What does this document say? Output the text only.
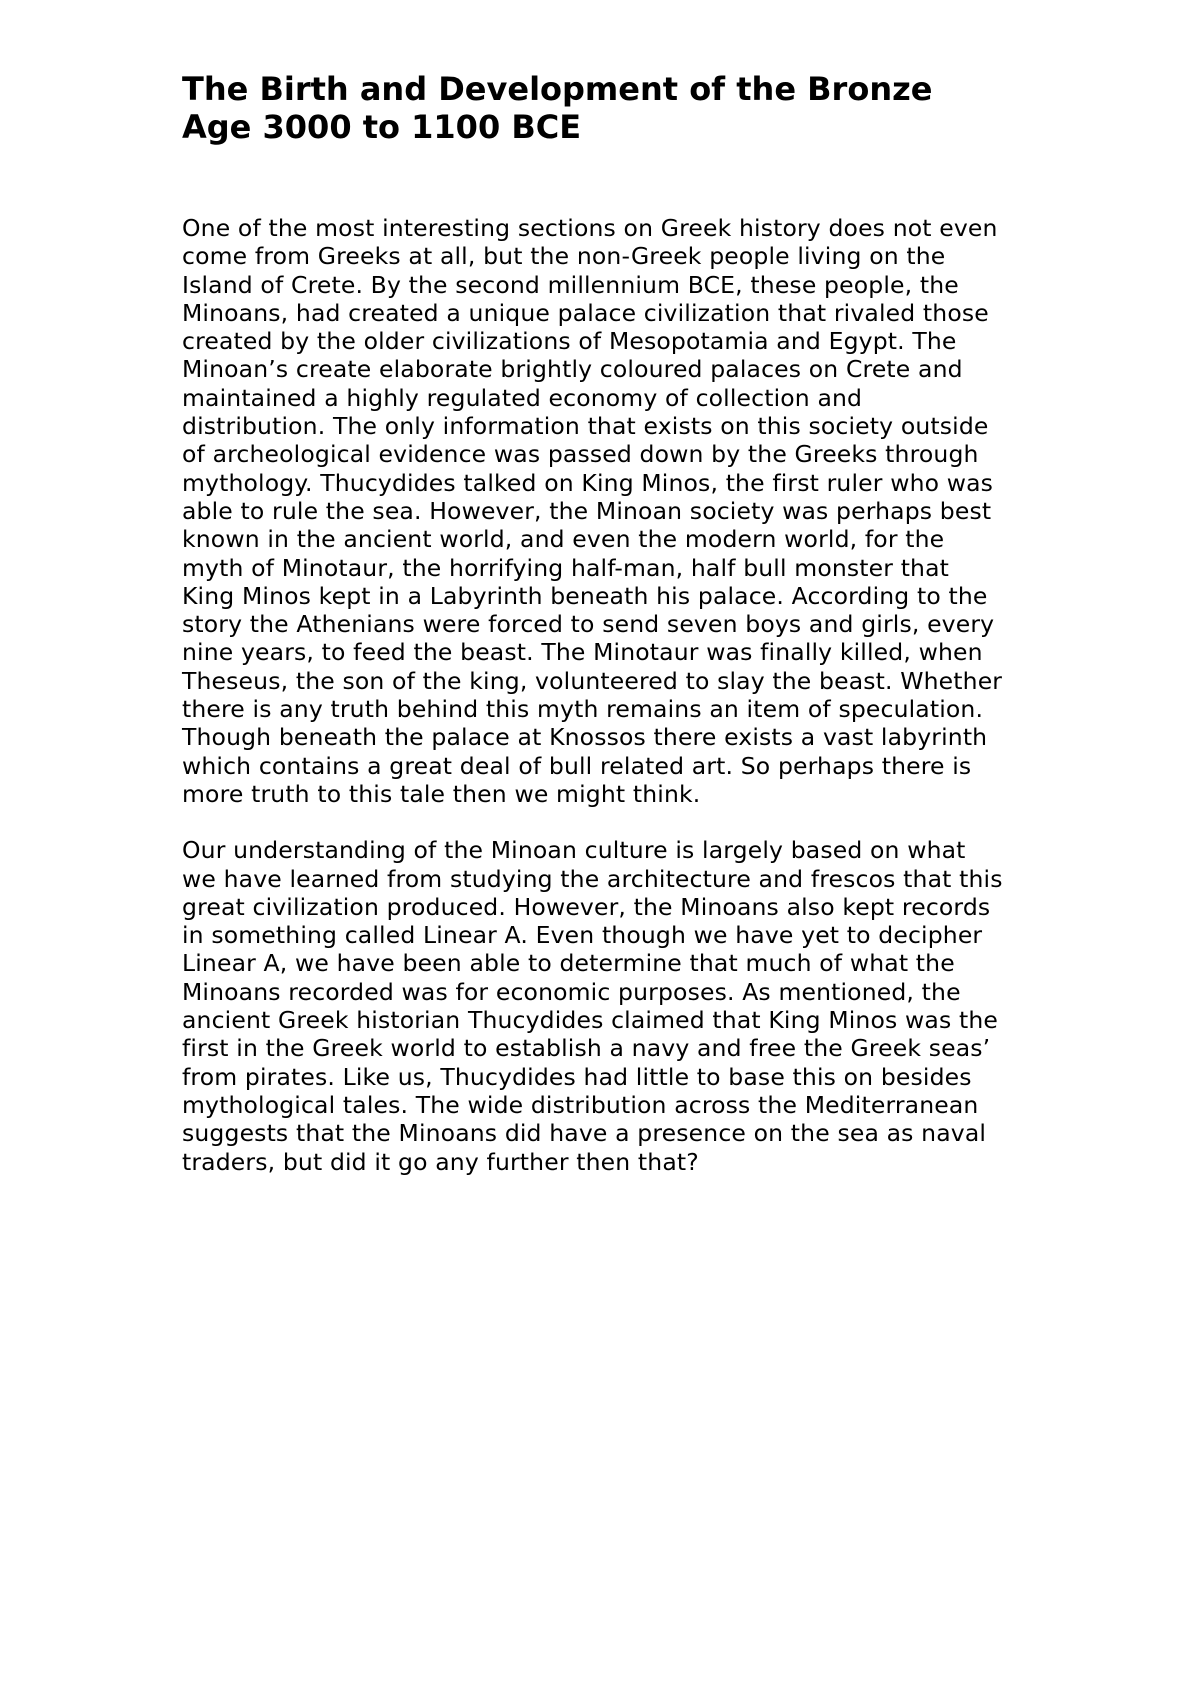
The Birth and Development of the Bronze Age 3000 to 1100 BCE

One of the most interesting sections on Greek history does not even
come from Greeks at all, but the non-Greek people living on the
Island of Crete. By the second millennium BCE, these people, the
Minoans, had created a unique palace civilization that rivaled those
created by the older civilizations of Mesopotamia and Egypt. The
Minoan’s create elaborate brightly coloured palaces on Crete and
maintained a highly regulated economy of collection and
distribution. The only information that exists on this society outside
of archeological evidence was passed down by the Greeks through
mythology. Thucydides talked on King Minos, the first ruler who was
able to rule the sea. However, the Minoan society was perhaps best
known in the ancient world, and even the modern world, for the
myth of Minotaur, the horrifying half-man, half bull monster that
King Minos kept in a Labyrinth beneath his palace. According to the
story the Athenians were forced to send seven boys and girls, every
nine years, to feed the beast. The Minotaur was finally killed, when
Theseus, the son of the king, volunteered to slay the beast. Whether
there is any truth behind this myth remains an item of speculation.
Though beneath the palace at Knossos there exists a vast labyrinth
which contains a great deal of bull related art. So perhaps there is
more truth to this tale then we might think.

Our understanding of the Minoan culture is largely based on what
we have learned from studying the architecture and frescos that this
great civilization produced. However, the Minoans also kept records
in something called Linear A. Even though we have yet to decipher
Linear A, we have been able to determine that much of what the
Minoans recorded was for economic purposes. As mentioned, the
ancient Greek historian Thucydides claimed that King Minos was the
first in the Greek world to establish a navy and free the Greek seas’
from pirates. Like us, Thucydides had little to base this on besides
mythological tales. The wide distribution across the Mediterranean
suggests that the Minoans did have a presence on the sea as naval
traders, but did it go any further then that?
